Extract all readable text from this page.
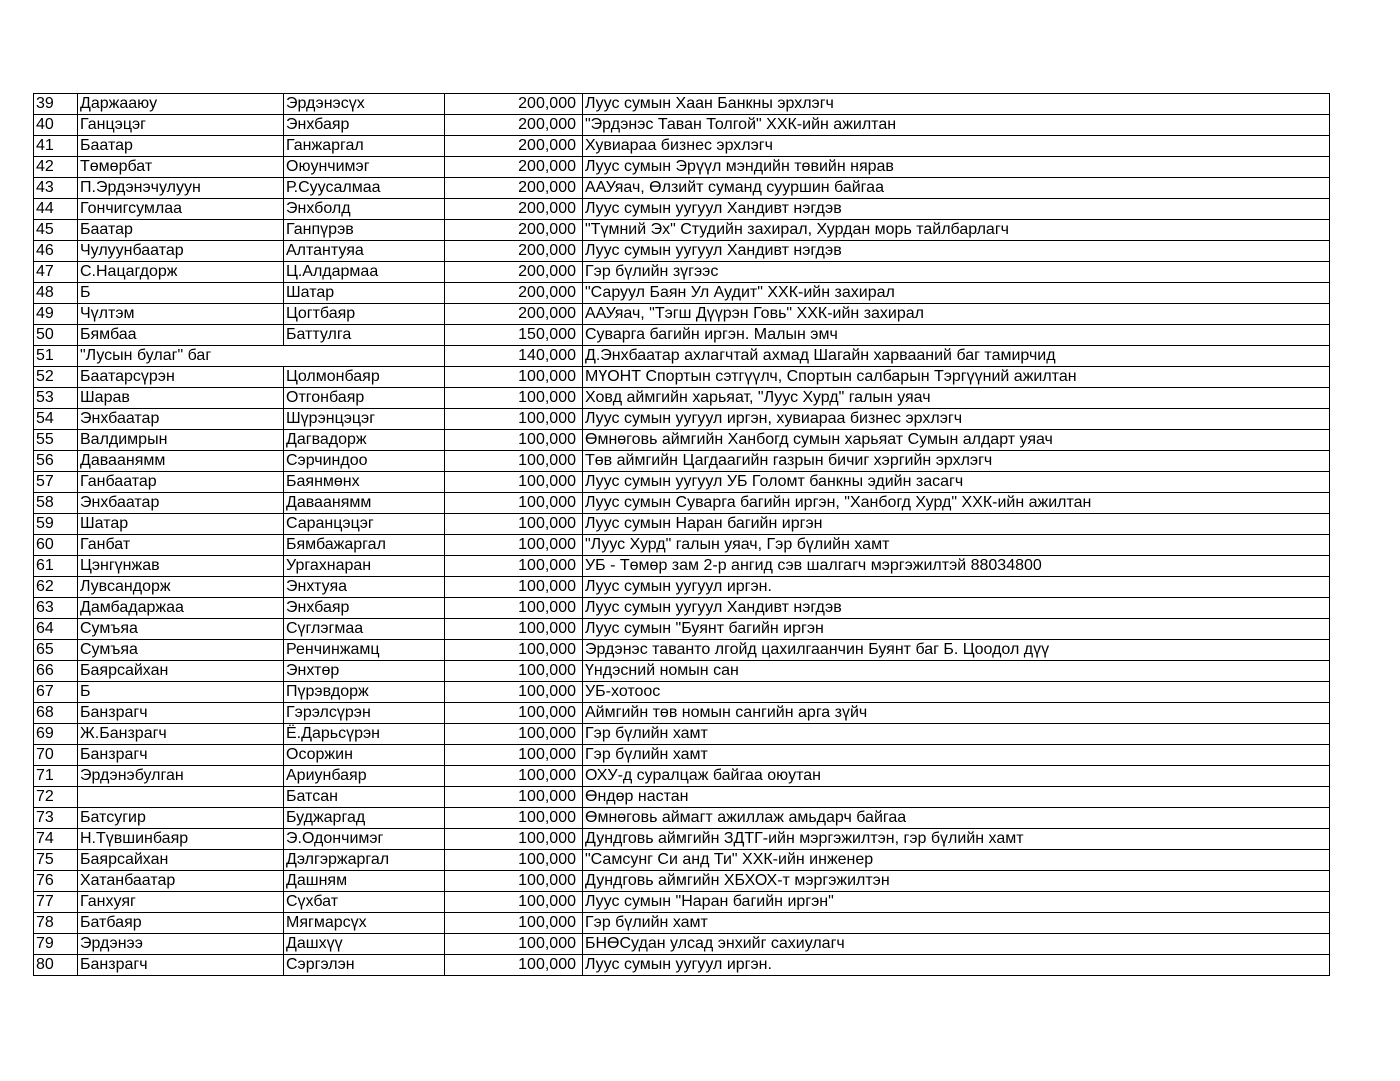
39	Даржааюу	Эрдэнэсүх	200,000	Луус сумын Хаан Банкны эрхлэгч
40	Ганцэцэг	Энхбаяр	200,000	"Эрдэнэс Таван Толгой" ХХК-ийн ажилтан
41	Баатар	Ганжаргал	200,000	Хувиараа бизнес эрхлэгч
42	Төмөрбат	Оюунчимэг	200,000	Луус сумын Эрүүл мэндийн төвийн нярав
43	П.Эрдэнэчулуун	Р.Суусалмаа	200,000	ААУяач, Өлзийт суманд сууршин байгаа
44	Гончигсумлаа	Энхболд	200,000	Луус сумын уугуул Хандивт нэгдэв
45	Баатар	Ганпүрэв	200,000	"Түмний Эх" Студийн захирал, Хурдан морь тайлбарлагч
46	Чулуунбаатар	Алтантуяа	200,000	Луус сумын уугуул Хандивт нэгдэв
47	С.Нацагдорж	Ц.Алдармаа	200,000	Гэр бүлийн зүгээс
48	Б	Шатар	200,000	"Саруул Баян Ул Аудит" ХХК-ийн захирал
49	Чүлтэм	Цогтбаяр	200,000	ААУяач, "Тэгш Дүүрэн Говь" ХХК-ийн захирал
50	Бямбаа	Баттулга	150,000	Суварга багийн иргэн. Малын эмч
51	"Лусын булаг" баг		140,000	Д.Энхбаатар ахлагчтай ахмад Шагайн харвааний баг тамирчид
52	Баатарсүрэн	Цолмонбаяр	100,000	МҮОНТ Спортын сэтгүүлч, Спортын салбарын Тэргүүний ажилтан
53	Шарав	Отгонбаяр	100,000	Ховд аймгийн харьяат, "Луус Хурд" галын уяач
54	Энхбаатар	Шүрэнцэцэг	100,000	Луус сумын уугуул иргэн, хувиараа бизнес эрхлэгч
55	Валдимрын	Дагвадорж	100,000	Өмнөговь аймгийн Ханбогд сумын харьяат Сумын алдарт уяач
56	Даваанямм	Сэрчиндоо	100,000	Төв аймгийн Цагдаагийн газрын бичиг хэргийн эрхлэгч
57	Ганбаатар	Баянмөнх	100,000	Луус сумын уугуул УБ Голомт банкны эдийн засагч
58	Энхбаатар	Даваанямм	100,000	Луус сумын Суварга багийн иргэн, "Ханбогд Хурд" ХХК-ийн ажилтан
59	Шатар	Саранцэцэг	100,000	Луус сумын Наран багийн иргэн
60	Ганбат	Бямбажаргал	100,000	"Луус Хурд" галын уяач, Гэр бүлийн хамт
61	Цэнгүнжав	Ургахнаран	100,000	УБ - Төмөр зам 2-р ангид сэв шалгагч мэргэжилтэй 88034800
62	Лувсандорж	Энхтуяа	100,000	Луус сумын уугуул иргэн.
63	Дамбадаржаа	Энхбаяр	100,000	Луус сумын уугуул Хандивт нэгдэв
64	Сумъяа	Сүглэгмаа	100,000	Луус сумын "Буянт багийн иргэн
65	Сумъяа	Ренчинжамц	100,000	Эрдэнэс таванто лгойд цахилгаанчин Буянт баг Б. Цоодол дүү
66	Баярсайхан	Энхтөр	100,000	Үндэсний номын сан
67	Б	Пүрэвдорж	100,000	УБ-хотоос
68	Банзрагч	Гэрэлсүрэн	100,000	Аймгийн төв номын сангийн арга зүйч
69	Ж.Банзрагч	Ё.Дарьсүрэн	100,000	Гэр бүлийн хамт
70	Банзрагч	Осоржин	100,000	Гэр бүлийн хамт
71	Эрдэнэбулган	Ариунбаяр	100,000	ОХУ-д суралцаж байгаа оюутан
72		Батсан	100,000	Өндөр настан
73	Батсугир	Буджаргад	100,000	Өмнөговь аймагт ажиллаж амьдарч байгаа
74	Н.Түвшинбаяр	Э.Одончимэг	100,000	Дундговь аймгийн ЗДТГ-ийн мэргэжилтэн, гэр бүлийн хамт
75	Баярсайхан	Дэлгэржаргал	100,000	"Самсунг Си анд Ти" ХХК-ийн инженер
76	Хатанбаатар	Дашням	100,000	Дундговь аймгийн ХБХОХ-т мэргэжилтэн
77	Ганхуяг	Сүхбат	100,000	Луус сумын "Наран багийн иргэн"
78	Батбаяр	Мягмарсүх	100,000	Гэр бүлийн хамт
79	Эрдэнээ	Дашхүү	100,000	БНӨСудан улсад энхийг сахиулагч
80	Банзрагч	Сэргэлэн	100,000	Луус сумын уугуул иргэн.
